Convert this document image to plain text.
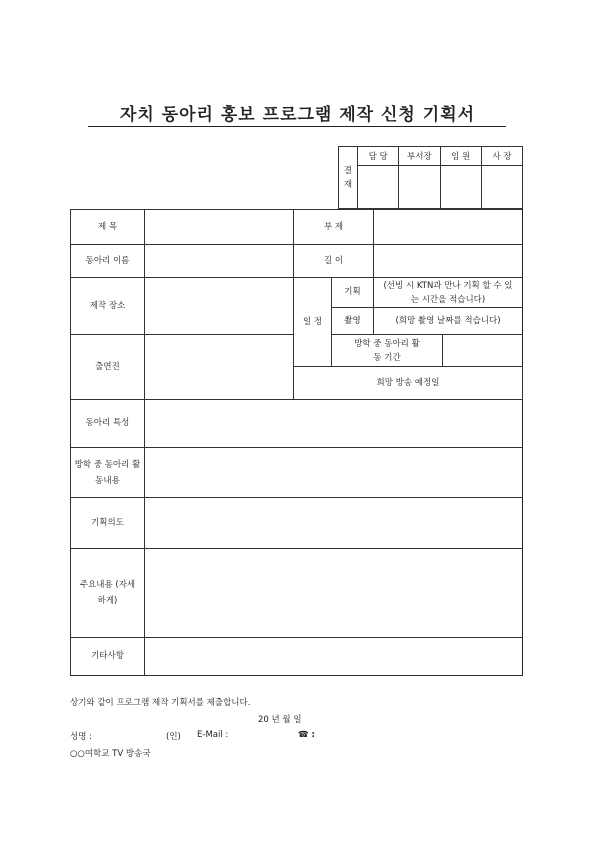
자치 동아리 홍보 프로그램 제작 신청 기획서
결
재	담 당	부서장	임 원	사 장

제 목		부 제				
동아리 이름		길 이				
제작 장소		일 정	기획	(선빙 시 KTN과 만나 기획 할 수 있는 시간을 적습니다)		
			촬영	(희망 촬영 날짜를 적습니다)		
출연진			방학 중 동아리 활동 기간			
		희망 방송 예정일				
동아리 특성						
방학 중 동아리 활동내용						
기획의도						
주요내용 (자세하게)						
기타사항						
상기와 같이 프로그램 제작 기획서를 제출합니다.
20 년 월 일
성명 :	(인) E-Mail :	☎ :
○○여학교 TV 방송국
